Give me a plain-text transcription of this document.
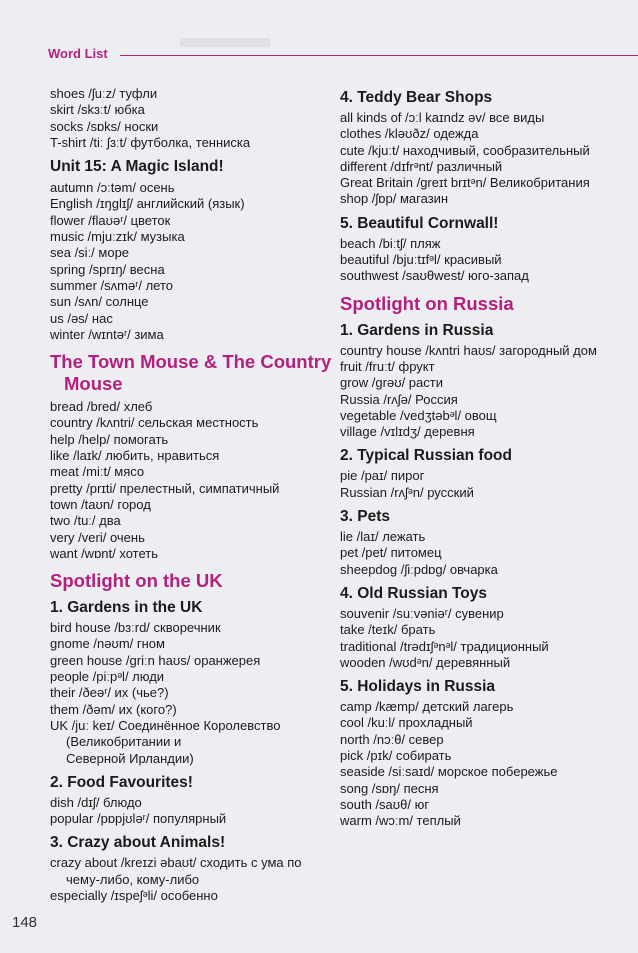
▬▬▬
Word List
shoes /ʃuːz/ туфли
skirt /skɜːt/ юбка
socks /sɒks/ носки
T-shirt /tiː ʃɜːt/ футболка, тенниска
Unit 15: A Magic Island!
autumn /ɔːtəm/ осень
English /ɪŋglɪʃ/ английский (язык)
flower /flaʊəʳ/ цветок
music /mjuːzɪk/ музыка
sea /siː/ море
spring /sprɪŋ/ весна
summer /sʌməʳ/ лето
sun /sʌn/ солнце
us /əs/ нас
winter /wɪntəʳ/ зима
The Town Mouse & The Country
Mouse
bread /bred/ хлеб
country /kʌntri/ сельская местность
help /help/ помогать
like /laɪk/ любить, нравиться
meat /miːt/ мясо
pretty /prɪti/ прелестный, симпатичный
town /taʊn/ город
two /tuː/ два
very /veri/ очень
want /wɒnt/ хотеть
Spotlight on the UK
1. Gardens in the UK
bird house /bɜːrd/ скворечник
gnome /nəʊm/ гном
green house /griːn haʊs/ оранжерея
people /piːpᵊl/ люди
their /ðeəʳ/ их (чье?)
them /ðəm/ их (кого?)
UK /juː keɪ/ Соединённое Королевство
(Великобритании и
Северной Ирландии)
2. Food Favourites!
dish /dɪʃ/ блюдо
popular /pɒpjʊləʳ/ популярный
3. Crazy about Animals!
crazy about /kreɪzi əbaʊt/ сходить с ума по
чему-либо, кому-либо
especially /ɪspeʃᵊli/ особенно
4. Teddy Bear Shops
all kinds of /ɔːl kaɪndz əv/ все виды
clothes /kləʊðz/ одежда
cute /kjuːt/ находчивый, сообразительный
different /dɪfrᵊnt/ различный
Great Britain /greɪt brɪtᵊn/ Великобритания
shop /ʃɒp/ магазин
5. Beautiful Cornwall!
beach /biːtʃ/ пляж
beautiful /bjuːtɪfᵊl/ красивый
southwest /saʊθwest/ юго-запад
Spotlight on Russia
1. Gardens in Russia
country house /kʌntri haʊs/ загородный дом
fruit /fruːt/ фрукт
grow /grəʊ/ расти
Russia /rʌʃə/ Россия
vegetable /vedʒtəbᵊl/ овощ
village /vɪlɪdʒ/ деревня
2. Typical Russian food
pie /paɪ/ пирог
Russian /rʌʃᵊn/ русский
3. Pets
lie /laɪ/ лежать
pet /pet/ питомец
sheepdog /ʃiːpdɒg/ овчарка
4. Old Russian Toys
souvenir /suːvəniəʳ/ сувенир
take /teɪk/ брать
traditional /trədɪʃᵊnᵊl/ традиционный
wooden /wʊdᵊn/ деревянный
5. Holidays in Russia
camp /kæmp/ детский лагерь
cool /kuːl/ прохладный
north /nɔːθ/ север
pick /pɪk/ собирать
seaside /siːsaɪd/ морское побережье
song /sɒŋ/ песня
south /saʊθ/ юг
warm /wɔːm/ теплый
148
